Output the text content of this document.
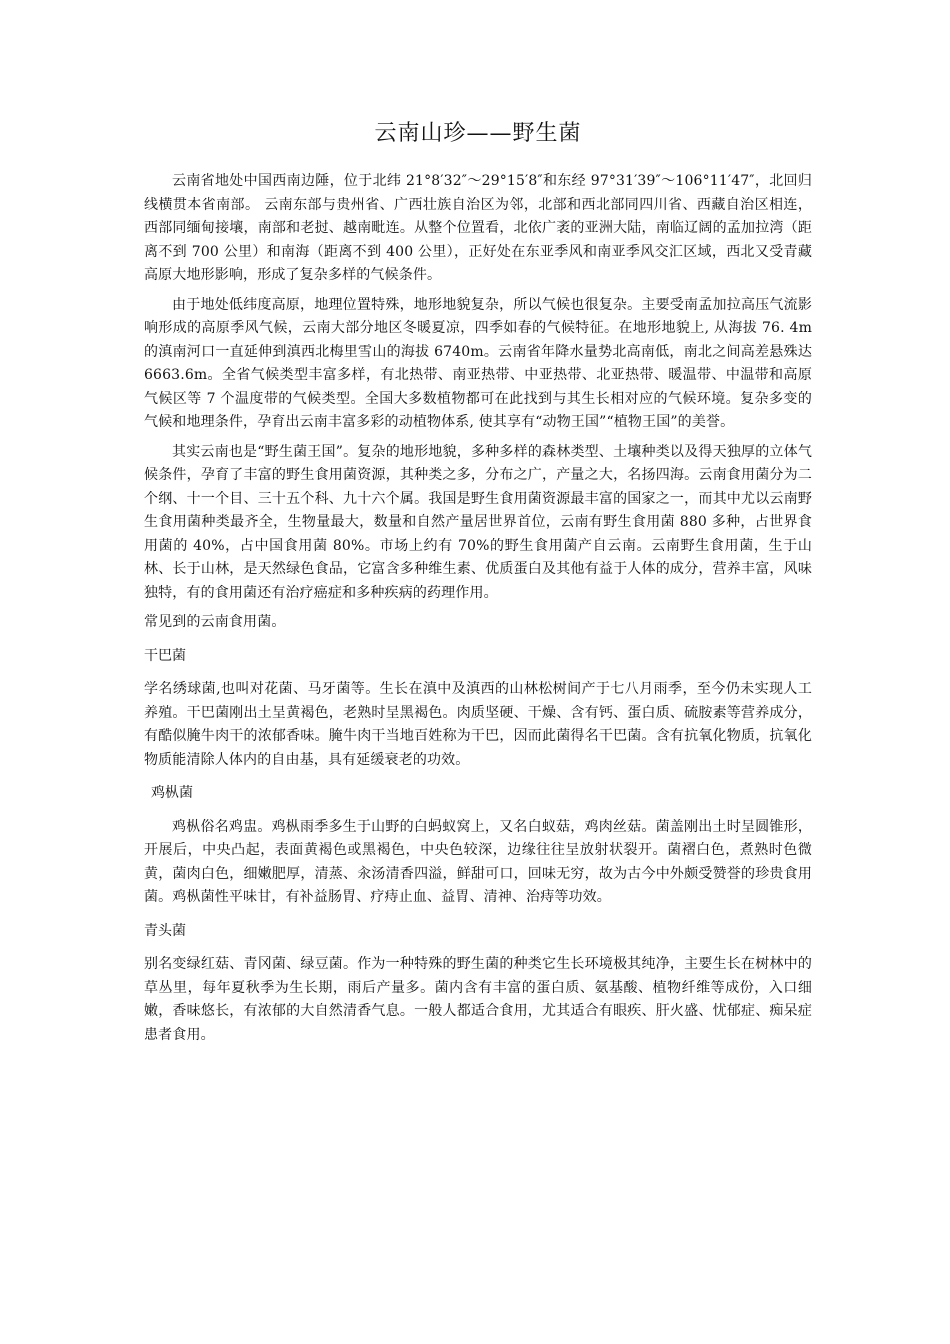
云南山珍——野生菌

云南省地处中国西南边陲，位于北纬 21°8′32″～29°15′8″和东经 97°31′39″～106°11′47″，北回归线横贯本省南部。 云南东部与贵州省、广西壮族自治区为邻，北部和西北部同四川省、西藏自治区相连，西部同缅甸接壤，南部和老挝、越南毗连。从整个位置看，北依广袤的亚洲大陆，南临辽阔的孟加拉湾（距离不到 700 公里）和南海（距离不到 400 公里），正好处在东亚季风和南亚季风交汇区域，西北又受青藏高原大地形影响，形成了复杂多样的气候条件。

由于地处低纬度高原，地理位置特殊，地形地貌复杂，所以气候也很复杂。主要受南孟加拉高压气流影响形成的高原季风气候，云南大部分地区冬暖夏凉，四季如春的气候特征。在地形地貌上, 从海拔 76. 4m 的滇南河口一直延伸到滇西北梅里雪山的海拔 6740m。云南省年降水量势北高南低，南北之间高差悬殊达 6663.6m。全省气候类型丰富多样，有北热带、南亚热带、中亚热带、北亚热带、暖温带、中温带和高原气候区等 7 个温度带的气候类型。全国大多数植物都可在此找到与其生长相对应的气候环境。复杂多变的气候和地理条件，孕育出云南丰富多彩的动植物体系, 使其享有“动物王国”“植物王国”的美誉。

其实云南也是“野生菌王国”。复杂的地形地貌，多种多样的森林类型、土壤种类以及得天独厚的立体气候条件，孕育了丰富的野生食用菌资源，其种类之多，分布之广，产量之大，名扬四海。云南食用菌分为二个纲、十一个目、三十五个科、九十六个属。我国是野生食用菌资源最丰富的国家之一，而其中尤以云南野生食用菌种类最齐全，生物量最大，数量和自然产量居世界首位，云南有野生食用菌 880 多种，占世界食用菌的 40%，占中国食用菌 80%。市场上约有 70%的野生食用菌产自云南。云南野生食用菌，生于山林、长于山林，是天然绿色食品，它富含多种维生素、优质蛋白及其他有益于人体的成分，营养丰富，风味独特，有的食用菌还有治疗癌症和多种疾病的药理作用。

常见到的云南食用菌。

干巴菌

学名绣球菌,也叫对花菌、马牙菌等。生长在滇中及滇西的山林松树间产于七八月雨季，至今仍未实现人工养殖。干巴菌刚出土呈黄褐色，老熟时呈黑褐色。肉质坚硬、干燥、含有钙、蛋白质、硫胺素等营养成分，有酷似腌牛肉干的浓郁香味。腌牛肉干当地百姓称为干巴，因而此菌得名干巴菌。含有抗氧化物质，抗氧化物质能清除人体内的自由基，具有延缓衰老的功效。

鸡枞菌

鸡枞俗名鸡盅。鸡枞雨季多生于山野的白蚂蚁窝上，又名白蚁菇，鸡肉丝菇。菌盖刚出土时呈圆锥形，开展后，中央凸起，表面黄褐色或黑褐色，中央色较深，边缘往往呈放射状裂开。菌褶白色，煮熟时色微黄，菌肉白色，细嫩肥厚，清蒸、汆汤清香四溢，鲜甜可口，回味无穷，故为古今中外颇受赞誉的珍贵食用菌。鸡枞菌性平味甘，有补益肠胃、疗痔止血、益胃、清神、治痔等功效。

青头菌

别名变绿红菇、青冈菌、绿豆菌。作为一种特殊的野生菌的种类它生长环境极其纯净，主要生长在树林中的草丛里，每年夏秋季为生长期，雨后产量多。菌内含有丰富的蛋白质、氨基酸、植物纤维等成份，入口细嫩，香味悠长，有浓郁的大自然清香气息。一般人都适合食用，尤其适合有眼疾、肝火盛、忧郁症、痴呆症患者食用。
